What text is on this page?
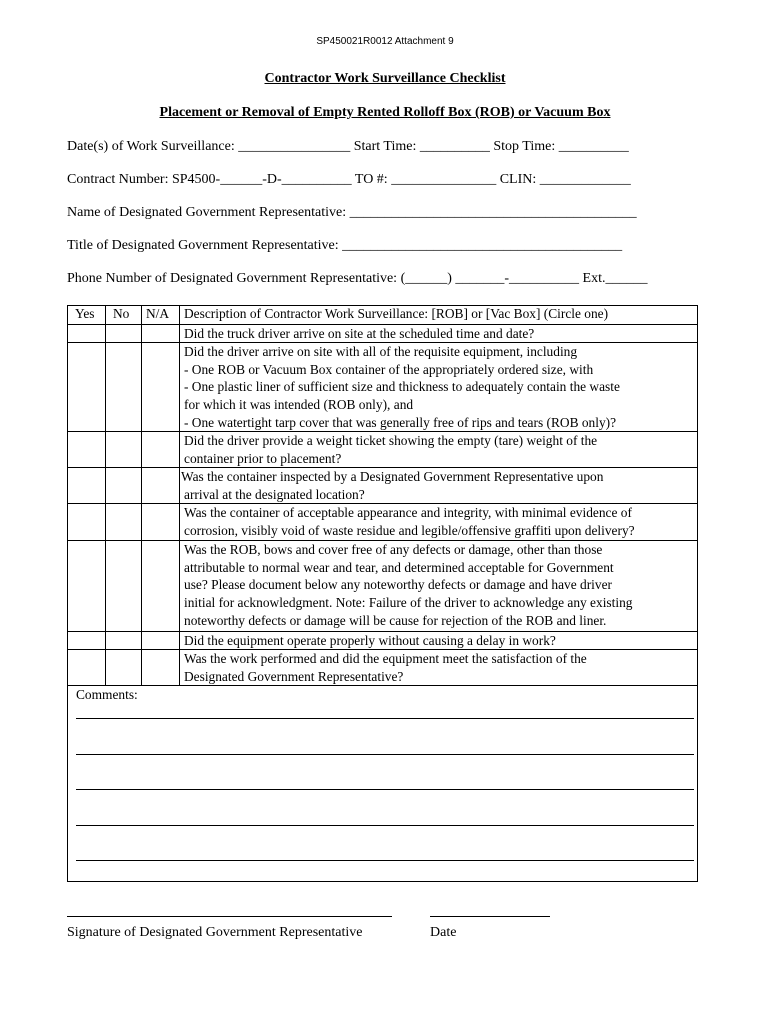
SP450021R0012 Attachment 9
Contractor Work Surveillance Checklist
Placement or Removal of Empty Rented Rolloff Box (ROB) or Vacuum Box
Date(s) of Work Surveillance: ________________ Start Time: __________ Stop Time: __________
Contract Number: SP4500-______-D-__________ TO #: _______________ CLIN: _____________
Name of Designated Government Representative: _________________________________________
Title of Designated Government Representative: ________________________________________
Phone Number of Designated Government Representative: (______) _______-__________ Ext.______
Yes No N/A Description of Contractor Work Surveillance: [ROB] or [Vac Box] (Circle one)
Did the truck driver arrive on site at the scheduled time and date?
Did the driver arrive on site with all of the requisite equipment, including
- One ROB or Vacuum Box container of the appropriately ordered size, with
- One plastic liner of sufficient size and thickness to adequately contain the waste
for which it was intended (ROB only), and
- One watertight tarp cover that was generally free of rips and tears (ROB only)?
Did the driver provide a weight ticket showing the empty (tare) weight of the
container prior to placement?
Was the container inspected by a Designated Government Representative upon
arrival at the designated location?
Was the container of acceptable appearance and integrity, with minimal evidence of
corrosion, visibly void of waste residue and legible/offensive graffiti upon delivery?
Was the ROB, bows and cover free of any defects or damage, other than those
attributable to normal wear and tear, and determined acceptable for Government
use? Please document below any noteworthy defects or damage and have driver
initial for acknowledgment. Note: Failure of the driver to acknowledge any existing
noteworthy defects or damage will be cause for rejection of the ROB and liner.
Did the equipment operate properly without causing a delay in work?
Was the work performed and did the equipment meet the satisfaction of the
Designated Government Representative?
Comments:
Signature of Designated Government Representative	Date
